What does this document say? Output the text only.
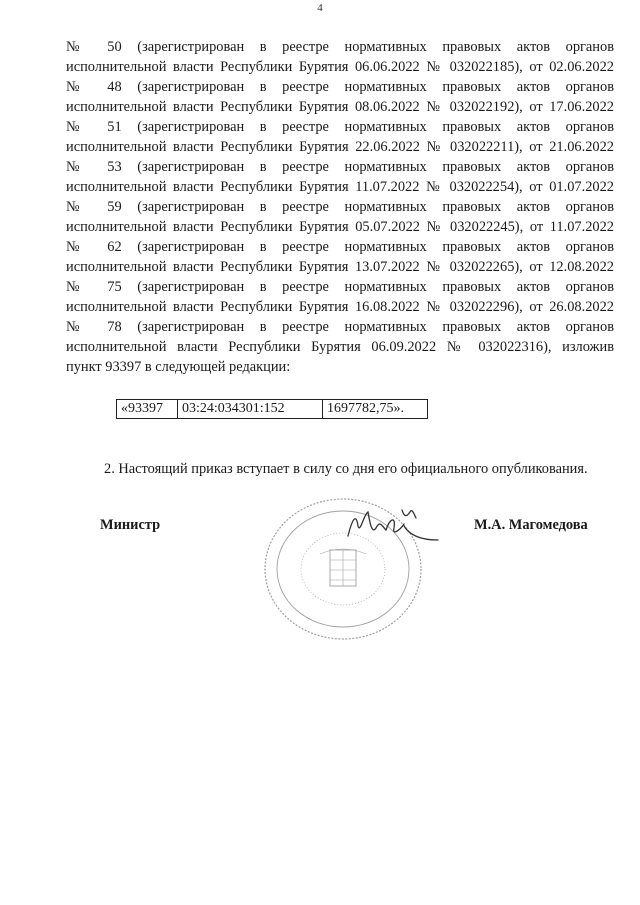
4

№ 50 (зарегистрирован в реестре нормативных правовых актов органов

исполнительной власти Республики Бурятия 06.06.2022 № 032022185), от 02.06.2022

№ 48 (зарегистрирован в реестре нормативных правовых актов органов

исполнительной власти Республики Бурятия 08.06.2022 № 032022192), от 17.06.2022

№ 51 (зарегистрирован в реестре нормативных правовых актов органов

исполнительной власти Республики Бурятия 22.06.2022 № 032022211), от 21.06.2022

№ 53 (зарегистрирован в реестре нормативных правовых актов органов

исполнительной власти Республики Бурятия 11.07.2022 № 032022254), от 01.07.2022

№ 59 (зарегистрирован в реестре нормативных правовых актов органов

исполнительной власти Республики Бурятия 05.07.2022 № 032022245), от 11.07.2022

№ 62 (зарегистрирован в реестре нормативных правовых актов органов

исполнительной власти Республики Бурятия 13.07.2022 № 032022265), от 12.08.2022

№ 75 (зарегистрирован в реестре нормативных правовых актов органов

исполнительной власти Республики Бурятия 16.08.2022 № 032022296), от 26.08.2022

№ 78 (зарегистрирован в реестре нормативных правовых актов органов

исполнительной власти Республики Бурятия 06.09.2022 № 032022316), изложив

пункт 93397 в следующей редакции:

«93397	03:24:034301:152	1697782,75».

2. Настоящий приказ вступает в силу со дня его официального опубликования.

Министр	М.А. Магомедова
